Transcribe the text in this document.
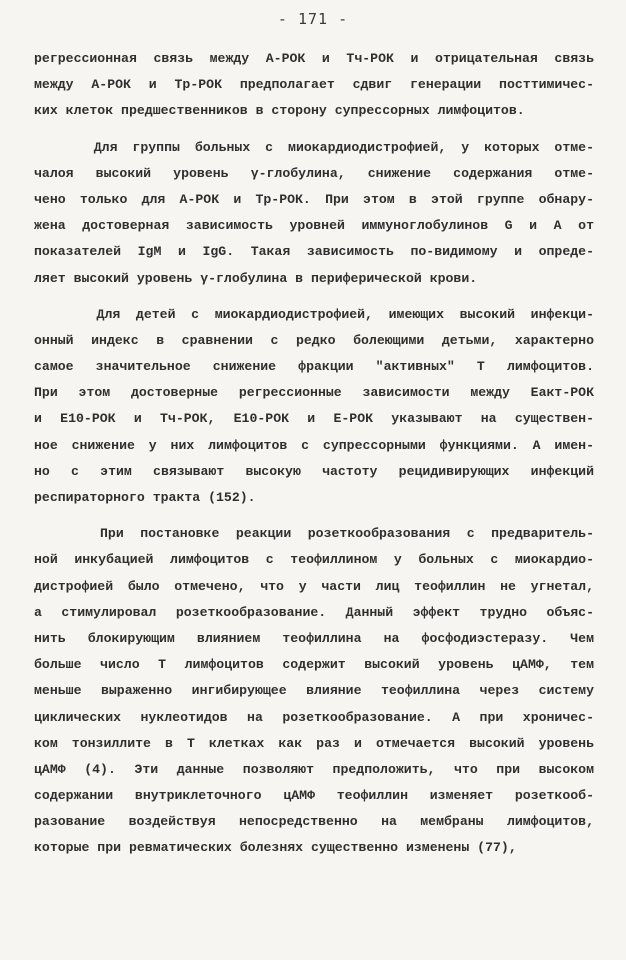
- 171 -
регрессионная связь между А-РОК и Тч-РОК и отрицательная связь
между А-РОК и Тр-РОК предполагает сдвиг генерации посттимичес-
ких клеток предшественников в сторону супрессорных лимфоцитов.
Для группы больных с миокардиодистрофией, у которых отме-
чалоя высокий уровень γ-глобулина, снижение содержания отме-
чено только для А-РОК и Тр-РОК. При этом в этой группе обнару-
жена достоверная зависимость уровней иммуноглобулинов G и А от
показателей IgM и IgG. Такая зависимость по-видимому и опреде-
ляет высокий уровень γ-глобулина в периферической крови.
Для детей с миокардиодистрофией, имеющих высокий инфекци-
онный индекс в сравнении с редко болеющими детьми, характерно
самое значительное снижение фракции "активных" Т лимфоцитов.
При этом достоверные регрессионные зависимости между Еакт-РОК
и Е10-РОК и Тч-РОК, Е10-РОК и Е-РОК указывают на существен-
ное снижение у них лимфоцитов с супрессорными функциями. А имен-
но с этим связывают высокую частоту рецидивирующих инфекций
респираторного тракта (152).
При постановке реакции розеткообразования с предваритель-
ной инкубацией лимфоцитов с теофиллином у больных с миокардио-
дистрофией было отмечено, что у части лиц теофиллин не угнетал,
а стимулировал розеткообразование. Данный эффект трудно объяс-
нить блокирующим влиянием теофиллина на фосфодиэстеразу. Чем
больше число Т лимфоцитов содержит высокий уровень цАМФ, тем
меньше выраженно ингибирующее влияние теофиллина через систему
циклических нуклеотидов на розеткообразование. А при хроничес-
ком тонзиллите в Т клетках как раз и отмечается высокий уровень
цАМФ (4). Эти данные позволяют предположить, что при высоком
содержании внутриклеточного цАМФ теофиллин изменяет розеткооб-
разование воздействуя непосредственно на мембраны лимфоцитов,
которые при ревматических болезнях существенно изменены (77),
